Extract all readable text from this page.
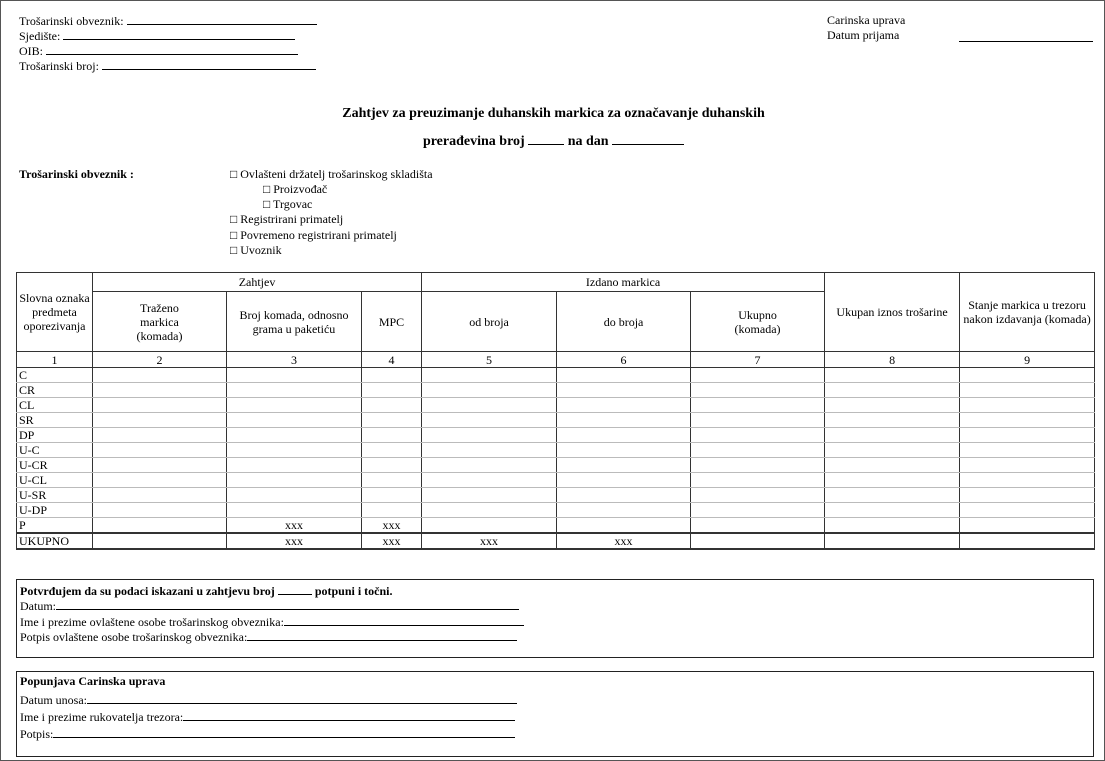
Trošarinski obveznik:
Sjedište:
OIB:
Trošarinski broj:
Carinska uprava
Datum prijama
Zahtjev za preuzimanje duhanskih markica za označavanje duhanskih
prerađevina broj	na dan
Trošarinski obveznik :	□ Ovlašteni držatelj trošarinskog skladišta
□ Proizvođač
□ Trgovac
□ Registrirani primatelj
□ Povremeno registrirani primatelj
□ Uvoznik
Slovna oznaka predmeta oporezivanja	Zahtjev			Izdano markica			Ukupan iznos trošarine	Stanje markica u trezoru nakon izdavanja (komada)
	Traženo markica (komada)	Broj komada, odnosno grama u paketiću	MPC	od broja	do broja	Ukupno (komada)		
1	2	3	4	5	6	7	8	9
C								
CR								
CL								
SR								
DP								
U-C								
U-CR								
U-CL								
U-SR								
U-DP								
P		xxx	xxx					
UKUPNO		xxx	xxx	xxx	xxx			
Potvrđujem da su podaci iskazani u zahtjevu broj	potpuni i točni.
Datum:
Ime i prezime ovlaštene osobe trošarinskog obveznika:
Potpis ovlaštene osobe trošarinskog obveznika:
Popunjava Carinska uprava
Datum unosa:
Ime i prezime rukovatelja trezora:
Potpis:
